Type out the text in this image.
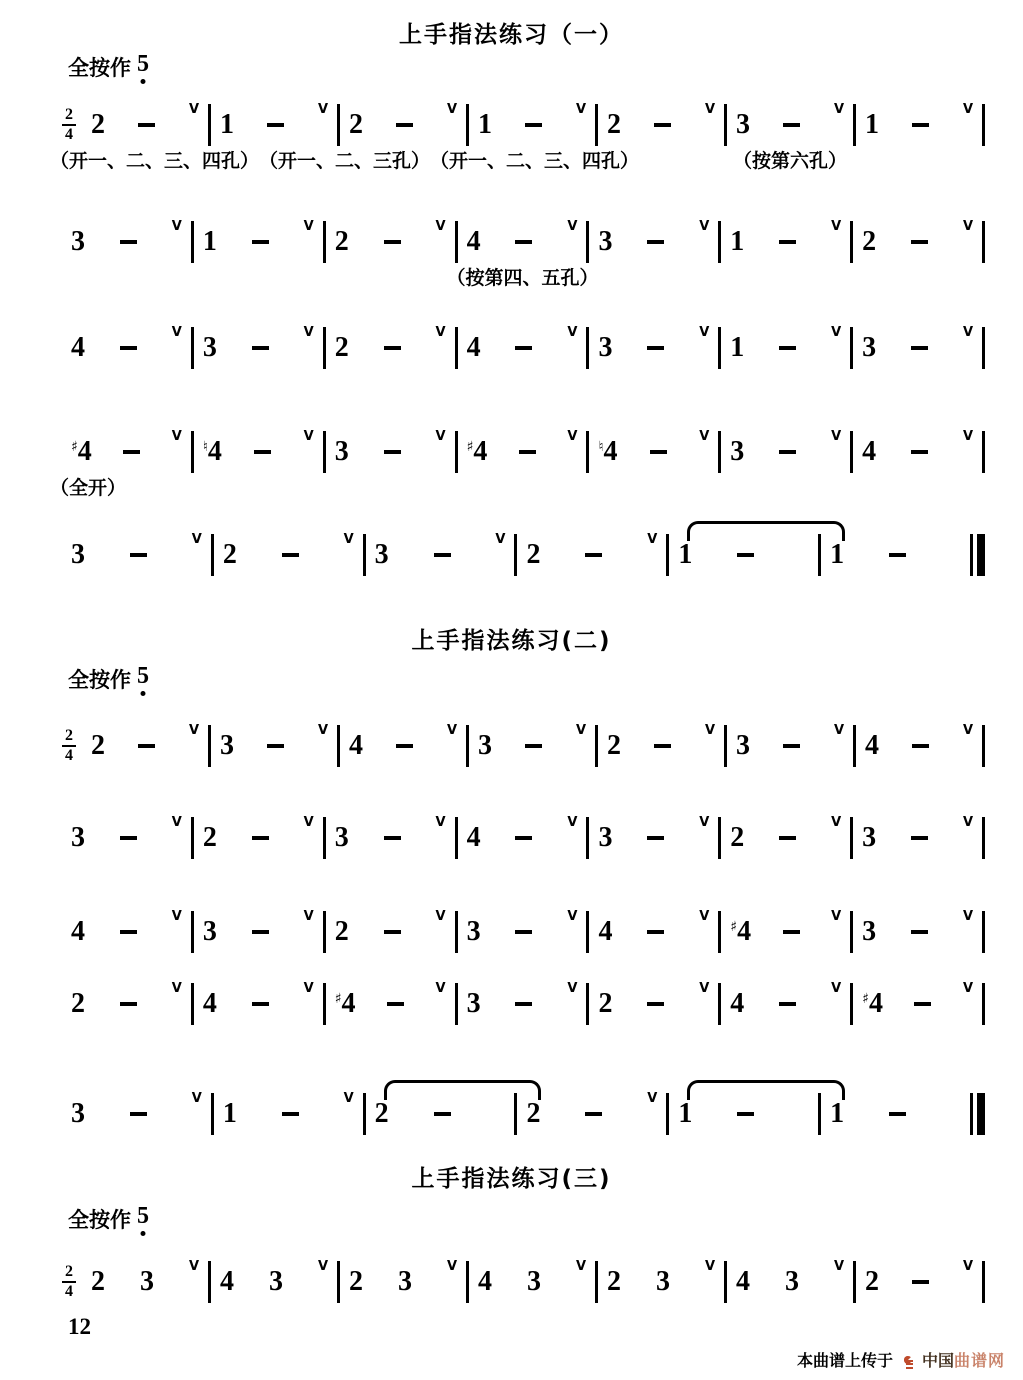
上手指法练习（一）
全按作 5
2
4 2	V 1	V 2	V 1	V 2	V 3	V 1	V
（开一、二、三、四孔） （开一、二、三孔） （开一、二、三、四孔）	（按第六孔）
3	V 1	V 2	V 4	V 3	V 1	V 2	V
（按第四、五孔）
4	V 3	V 2	V 4	V 3	V 1	V 3	V
♯4	V
♮4	V 3	V
♯4	V
♮4	V 3	V 4	V
（全开）
3	V 2	V 3	V 2	V 1	1
上手指法练习(二)
全按作 5
2
4 2	V 3	V 4	V 3	V 2	V 3	V 4	V
3	V 2	V 3	V 4	V 3	V 2	V 3	V
4	V 3	V 2	V 3	V 4	V
♯4	V 3	V
2	V 4	V
♯4	V 3	V 2	V 4	V
♯4	V
3	V 1	V 2	2	V 1	1
上手指法练习(三)
全按作 5
2
4 2 3	V 4 3	V 2 3	V 4 3	V 2 3	V 4 3	V 2	V
12
本曲谱上传于 中国曲谱网
